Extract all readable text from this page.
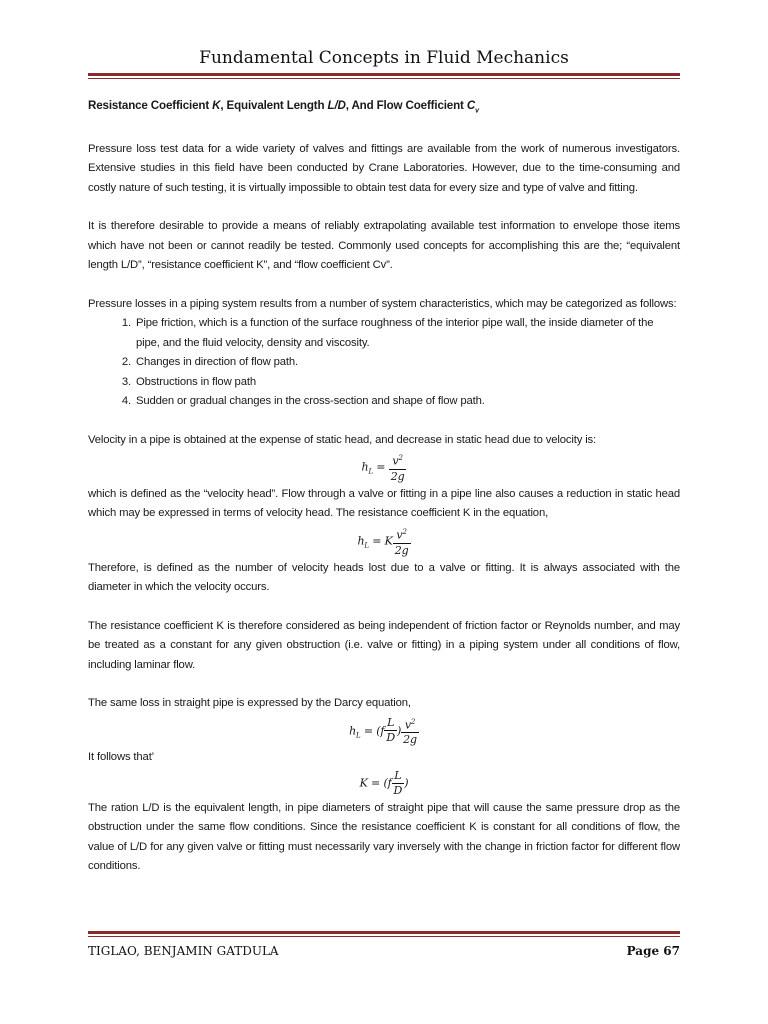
Fundamental Concepts in Fluid Mechanics
Resistance Coefficient K, Equivalent Length L/D, And Flow Coefficient $C_v$

Pressure loss test data for a wide variety of valves and fittings are available from the work of numerous investigators. Extensive studies in this field have been conducted by Crane Laboratories. However, due to the time-consuming and costly nature of such testing, it is virtually impossible to obtain test data for every size and type of valve and fitting.

It is therefore desirable to provide a means of reliably extrapolating available test information to envelope those items which have not been or cannot readily be tested. Commonly used concepts for accomplishing this are the; “equivalent length L/D”, “resistance coefficient K”, and “flow coefficient Cv”.

Pressure losses in a piping system results from a number of system characteristics, which may be categorized as follows:

1. Pipe friction, which is a function of the surface roughness of the interior pipe wall, the inside diameter of the pipe, and the fluid velocity, density and viscosity.
2. Changes in direction of flow path.
3. Obstructions in flow path
4. Sudden or gradual changes in the cross-section and shape of flow path.

Velocity in a pipe is obtained at the expense of static head, and decrease in static head due to velocity is:

$h_L = \frac{v^2}{2g}$

which is defined as the “velocity head”. Flow through a valve or fitting in a pipe line also causes a reduction in static head which may be expressed in terms of velocity head. The resistance coefficient K in the equation,

$h_L = K \frac{v^2}{2g}$

Therefore, is defined as the number of velocity heads lost due to a valve or fitting. It is always associated with the diameter in which the velocity occurs.

The resistance coefficient K is therefore considered as being independent of friction factor or Reynolds number, and may be treated as a constant for any given obstruction (i.e. valve or fitting) in a piping system under all conditions of flow, including laminar flow.

The same loss in straight pipe is expressed by the Darcy equation,

$h_L = (f \frac{L}{D}$ ) $\frac{v^2}{2g}$

It follows that’

$K = (f \frac{L}{D}$ )

The ration L/D is the equivalent length, in pipe diameters of straight pipe that will cause the same pressure drop as the obstruction under the same flow conditions. Since the resistance coefficient K is constant for all conditions of flow, the value of L/D for any given valve or fitting must necessarily vary inversely with the change in friction factor for different flow conditions.

TIGLAO, BENJAMIN GATDULA	Page 67
